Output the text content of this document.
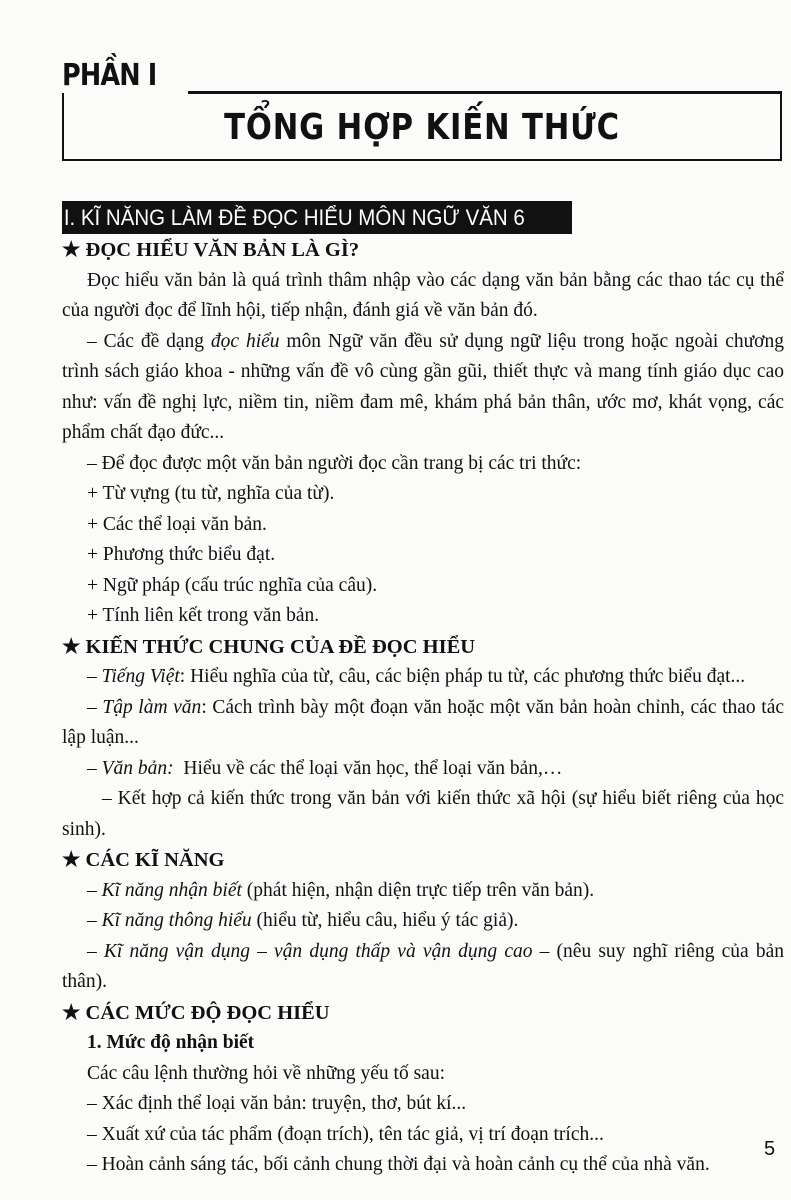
PHẦN I
TỔNG HỢP KIẾN THỨC
I. KĨ NĂNG LÀM ĐỀ ĐỌC HIỂU MÔN NGỮ VĂN 6

★ ĐỌC HIỂU VĂN BẢN LÀ GÌ?

Đọc hiểu văn bản là quá trình thâm nhập vào các dạng văn bản bằng các thao tác cụ thể của người đọc để lĩnh hội, tiếp nhận, đánh giá về văn bản đó.

– Các đề dạng đọc hiểu môn Ngữ văn đều sử dụng ngữ liệu trong hoặc ngoài chương trình sách giáo khoa - những vấn đề vô cùng gần gũi, thiết thực và mang tính giáo dục cao như: vấn đề nghị lực, niềm tin, niềm đam mê, khám phá bản thân, ước mơ, khát vọng, các phẩm chất đạo đức...

– Để đọc được một văn bản người đọc cần trang bị các tri thức:

+ Từ vựng (tu từ, nghĩa của từ).

+ Các thể loại văn bản.

+ Phương thức biểu đạt.

+ Ngữ pháp (cấu trúc nghĩa của câu).

+ Tính liên kết trong văn bản.

★ KIẾN THỨC CHUNG CỦA ĐỀ ĐỌC HIỂU

– Tiếng Việt: Hiểu nghĩa của từ, câu, các biện pháp tu từ, các phương thức biểu đạt...

– Tập làm văn: Cách trình bày một đoạn văn hoặc một văn bản hoàn chỉnh, các thao tác lập luận...

– Văn bản:  Hiểu về các thể loại văn học, thể loại văn bản,…

– Kết hợp cả kiến thức trong văn bản với kiến thức xã hội (sự hiểu biết riêng của học sinh).

★ CÁC KĨ NĂNG

– Kĩ năng nhận biết (phát hiện, nhận diện trực tiếp trên văn bản).

– Kĩ năng thông hiểu (hiểu từ, hiểu câu, hiểu ý tác giả).

– Kĩ năng vận dụng – vận dụng thấp và vận dụng cao – (nêu suy nghĩ riêng của bản thân).

★ CÁC MỨC ĐỘ ĐỌC HIỂU

1. Mức độ nhận biết

Các câu lệnh thường hỏi về những yếu tố sau:

– Xác định thể loại văn bản: truyện, thơ, bút kí...

– Xuất xứ của tác phẩm (đoạn trích), tên tác giả, vị trí đoạn trích...

– Hoàn cảnh sáng tác, bối cảnh chung thời đại và hoàn cảnh cụ thể của nhà văn.

5
